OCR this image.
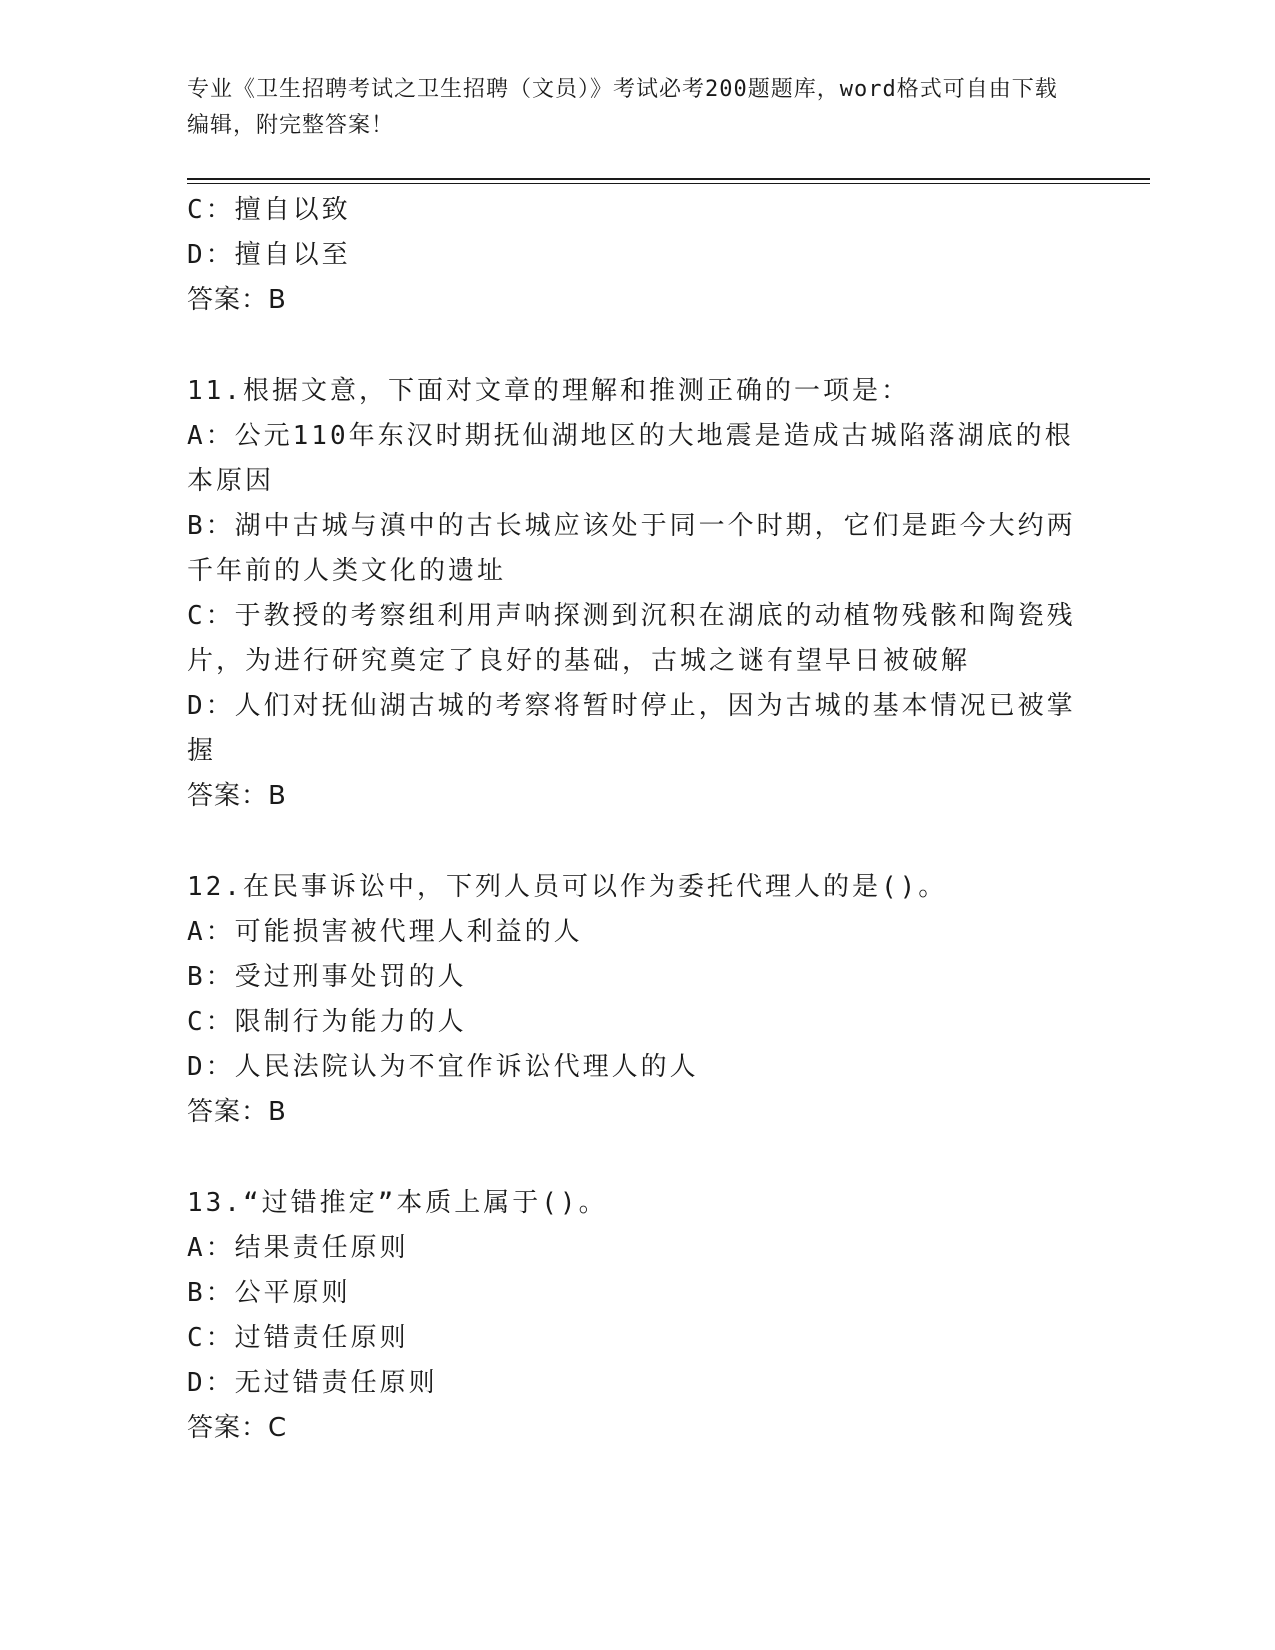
专业《卫生招聘考试之卫生招聘（文员）》考试必考200题题库，word格式可自由下载编辑，附完整答案！

C：擅自以致

D：擅自以至

答案：B

11.根据文意，下面对文章的理解和推测正确的一项是：

A：公元110年东汉时期抚仙湖地区的大地震是造成古城陷落湖底的根本原因

B：湖中古城与滇中的古长城应该处于同一个时期，它们是距今大约两千年前的人类文化的遗址

C：于教授的考察组利用声呐探测到沉积在湖底的动植物残骸和陶瓷残片，为进行研究奠定了良好的基础，古城之谜有望早日被破解

D：人们对抚仙湖古城的考察将暂时停止，因为古城的基本情况已被掌握

答案：B

12.在民事诉讼中，下列人员可以作为委托代理人的是()。

A：可能损害被代理人利益的人

B：受过刑事处罚的人

C：限制行为能力的人

D：人民法院认为不宜作诉讼代理人的人

答案：B

13.“过错推定”本质上属于()。

A：结果责任原则

B：公平原则

C：过错责任原则

D：无过错责任原则

答案：C
